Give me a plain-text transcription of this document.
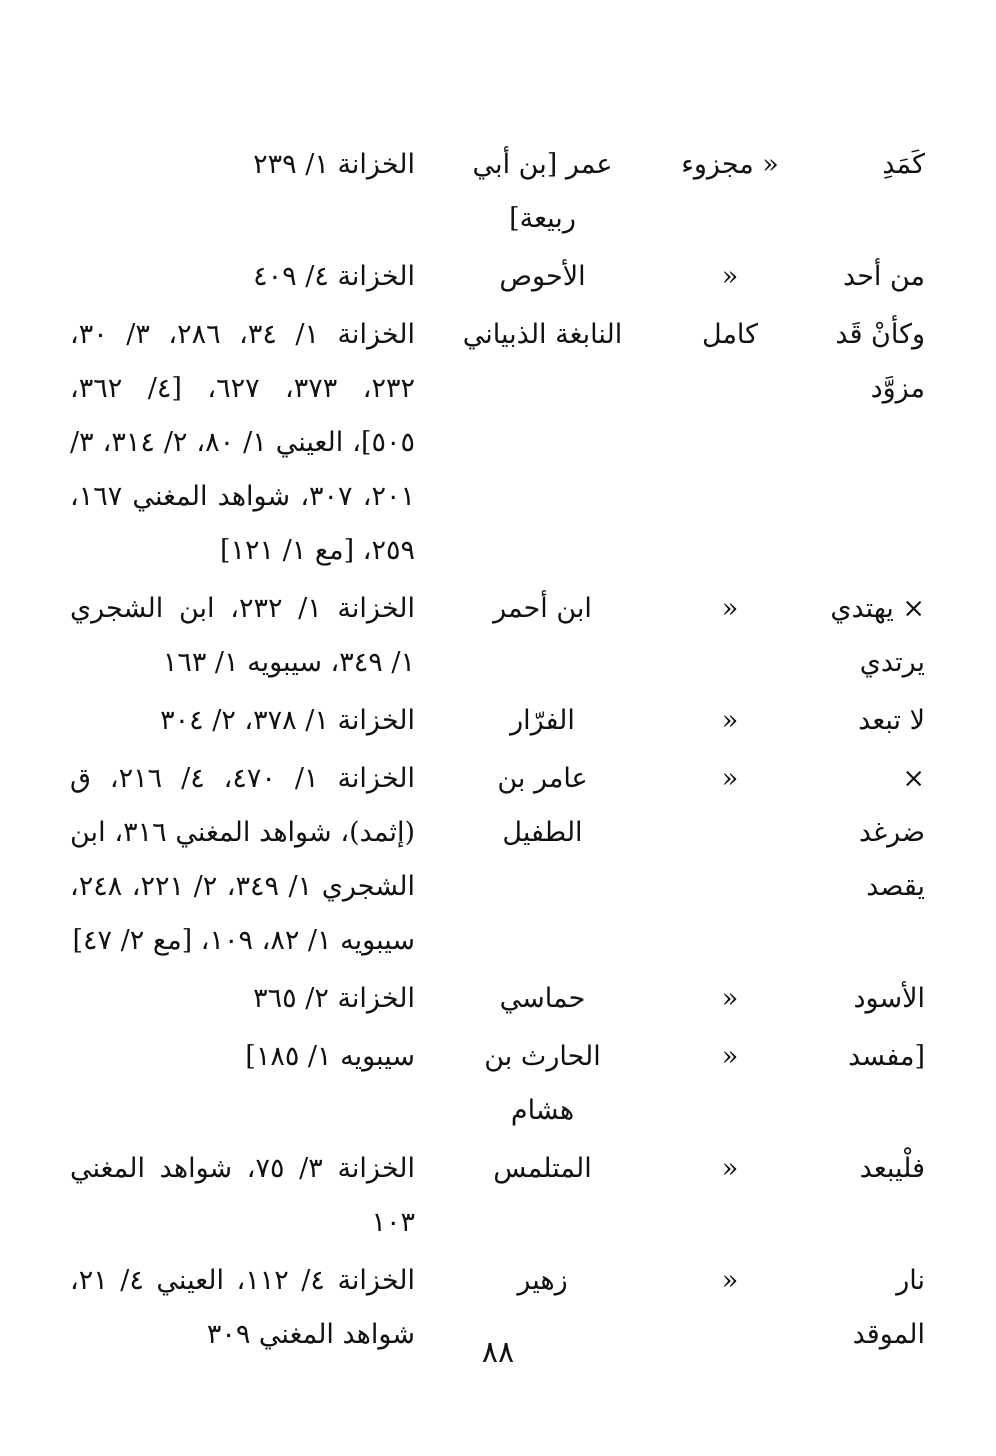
كَمَدِ
« مجزوء
عمر [بن أبي ربيعة]
الخزانة ١/ ٢٣٩
من أحد
«
الأحوص
الخزانة ٤/ ٤٠٩
وكأنْ قَد
مزوَّد
كامل
النابغة الذبياني
الخزانة ١/ ٣٤، ٢٨٦، ٣/ ٣٠، ٢٣٢، ٣٧٣، ٦٢٧، [٤/ ٣٦٢، ٥٠٥]، العيني ١/ ٨٠، ٢/ ٣١٤، ٣/ ٢٠١، ٣٠٧، شواهد المغني ١٦٧، ٢٥٩، [مع ١/ ١٢١]
× يهتدي
يرتدي
«
ابن أحمر
الخزانة ١/ ٢٣٢، ابن الشجري ١/ ٣٤٩، سيبويه ١/ ١٦٣
لا تبعد
«
الفرّار
الخزانة ١/ ٣٧٨، ٢/ ٣٠٤
× ضرغد
يقصد
«
عامر بن الطفيل
الخزانة ١/ ٤٧٠، ٤/ ٢١٦، ق (إثمد)، شواهد المغني ٣١٦، ابن الشجري ١/ ٣٤٩، ٢/ ٢٢١، ٢٤٨، سيبويه ١/ ٨٢، ١٠٩، [مع ٢/ ٤٧]
الأسود
«
حماسي
الخزانة ٢/ ٣٦٥
[مفسد
«
الحارث بن هشام
سيبويه ١/ ١٨٥]
فلْيبعد
«
المتلمس
الخزانة ٣/ ٧٥، شواهد المغني ١٠٣
نار الموقد
«
زهير
الخزانة ٤/ ١١٢، العيني ٤/ ٢١، شواهد المغني ٣٠٩
٨٨
